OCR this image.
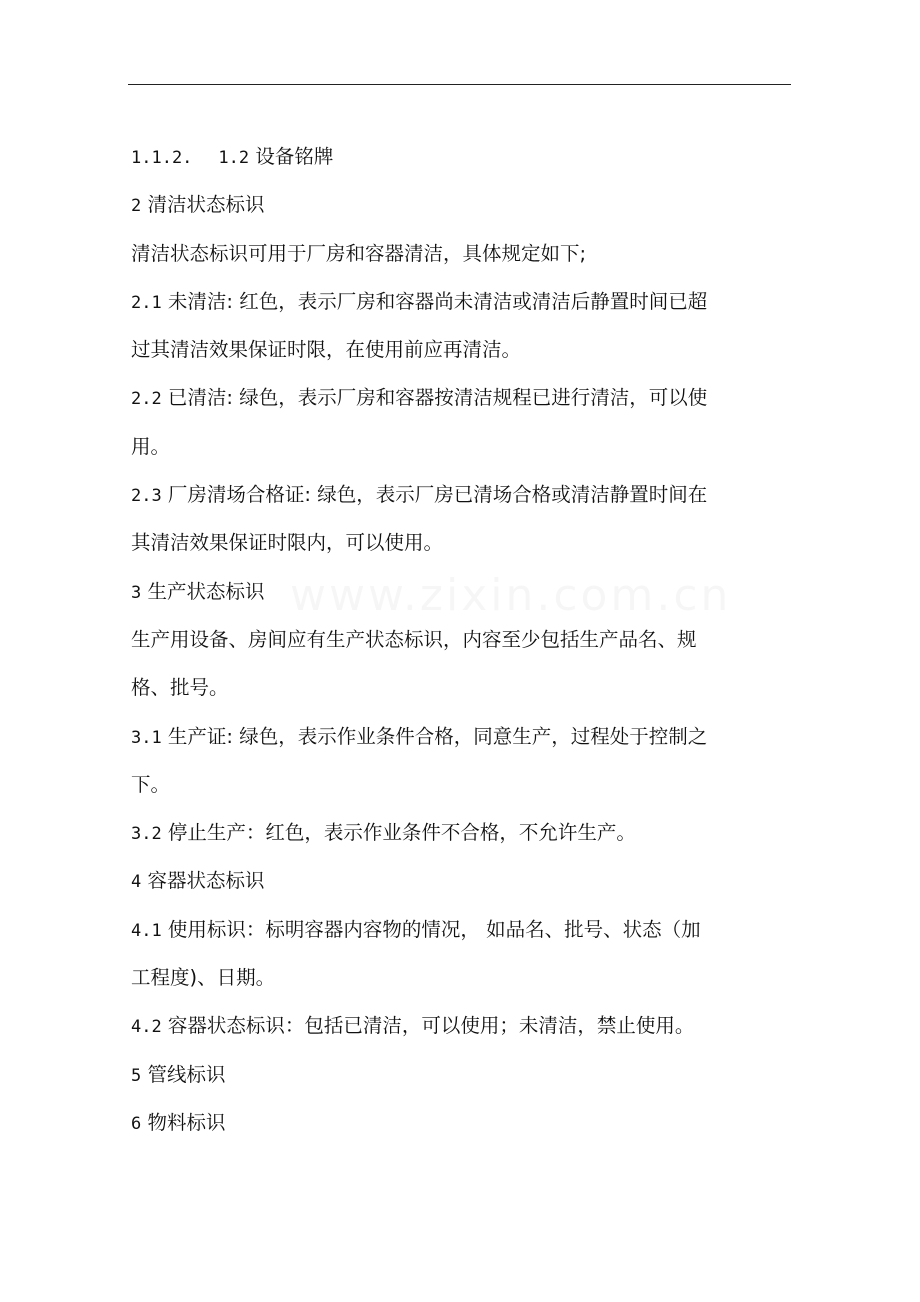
1.1.2. 1.2 设备铭牌
2 清洁状态标识
清洁状态标识可用于厂房和容器清洁，具体规定如下;
2.1 未清洁: 红色，表示厂房和容器尚未清洁或清洁后静置时间已超
过其清洁效果保证时限，在使用前应再清洁。
2.2 已清洁: 绿色，表示厂房和容器按清洁规程已进行清洁，可以使
用。
2.3 厂房清场合格证: 绿色，表示厂房已清场合格或清洁静置时间在
其清洁效果保证时限内，可以使用。
3 生产状态标识
生产用设备、房间应有生产状态标识，内容至少包括生产品名、规
格、批号。
3.1 生产证: 绿色，表示作业条件合格，同意生产，过程处于控制之
下。
3.2 停止生产：红色，表示作业条件不合格，不允许生产。
4 容器状态标识
4.1 使用标识：标明容器内容物的情况， 如品名、批号、状态（加
工程度)、日期。
4.2 容器状态标识：包括已清洁，可以使用；未清洁，禁止使用。
5 管线标识
6 物料标识
